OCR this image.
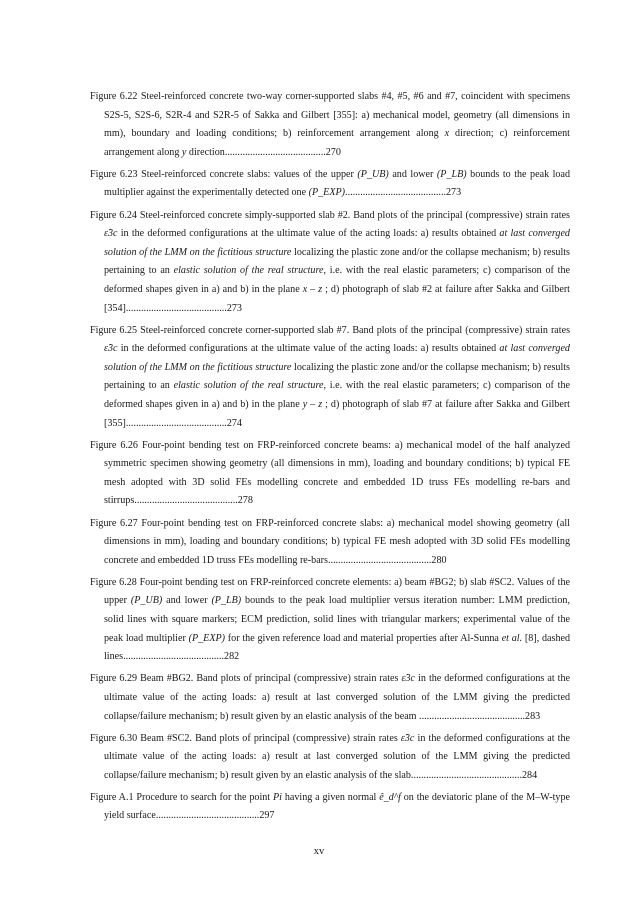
Figure 6.22 Steel-reinforced concrete two-way corner-supported slabs #4, #5, #6 and #7, coincident with specimens S2S-5, S2S-6, S2R-4 and S2R-5 of Sakka and Gilbert [355]: a) mechanical model, geometry (all dimensions in mm), boundary and loading conditions; b) reinforcement arrangement along x direction; c) reinforcement arrangement along y direction........................................270
Figure 6.23 Steel-reinforced concrete slabs: values of the upper (P_UB) and lower (P_LB) bounds to the peak load multiplier against the experimentally detected one (P_EXP)........................................273
Figure 6.24 Steel-reinforced concrete simply-supported slab #2. Band plots of the principal (compressive) strain rates ε̇3c in the deformed configurations at the ultimate value of the acting loads: a) results obtained at last converged solution of the LMM on the fictitious structure localizing the plastic zone and/or the collapse mechanism; b) results pertaining to an elastic solution of the real structure, i.e. with the real elastic parameters; c) comparison of the deformed shapes given in a) and b) in the plane x – z ; d) photograph of slab #2 at failure after Sakka and Gilbert [354]........................................273
Figure 6.25 Steel-reinforced concrete corner-supported slab #7. Band plots of the principal (compressive) strain rates ε̇3c in the deformed configurations at the ultimate value of the acting loads: a) results obtained at last converged solution of the LMM on the fictitious structure localizing the plastic zone and/or the collapse mechanism; b) results pertaining to an elastic solution of the real structure, i.e. with the real elastic parameters; c) comparison of the deformed shapes given in a) and b) in the plane y – z ; d) photograph of slab #7 at failure after Sakka and Gilbert [355]........................................274
Figure 6.26 Four-point bending test on FRP-reinforced concrete beams: a) mechanical model of the half analyzed symmetric specimen showing geometry (all dimensions in mm), loading and boundary conditions; b) typical FE mesh adopted with 3D solid FEs modelling concrete and embedded 1D truss FEs modelling re-bars and stirrups.........................................278
Figure 6.27 Four-point bending test on FRP-reinforced concrete slabs: a) mechanical model showing geometry (all dimensions in mm), loading and boundary conditions; b) typical FE mesh adopted with 3D solid FEs modelling concrete and embedded 1D truss FEs modelling re-bars.........................................280
Figure 6.28 Four-point bending test on FRP-reinforced concrete elements: a) beam #BG2; b) slab #SC2. Values of the upper (P_UB) and lower (P_LB) bounds to the peak load multiplier versus iteration number: LMM prediction, solid lines with square markers; ECM prediction, solid lines with triangular markers; experimental value of the peak load multiplier (P_EXP) for the given reference load and material properties after Al-Sunna et al. [8], dashed lines........................................282
Figure 6.29 Beam #BG2. Band plots of principal (compressive) strain rates ε̇3c in the deformed configurations at the ultimate value of the acting loads: a) result at last converged solution of the LMM giving the predicted collapse/failure mechanism; b) result given by an elastic analysis of the beam ..........................................283
Figure 6.30 Beam #SC2. Band plots of principal (compressive) strain rates ε̇3c in the deformed configurations at the ultimate value of the acting loads: a) result at last converged solution of the LMM giving the predicted collapse/failure mechanism; b) result given by an elastic analysis of the slab............................................284
Figure A.1 Procedure to search for the point Pi having a given normal ê_d^f on the deviatoric plane of the M–W-type yield surface.........................................297
xv
